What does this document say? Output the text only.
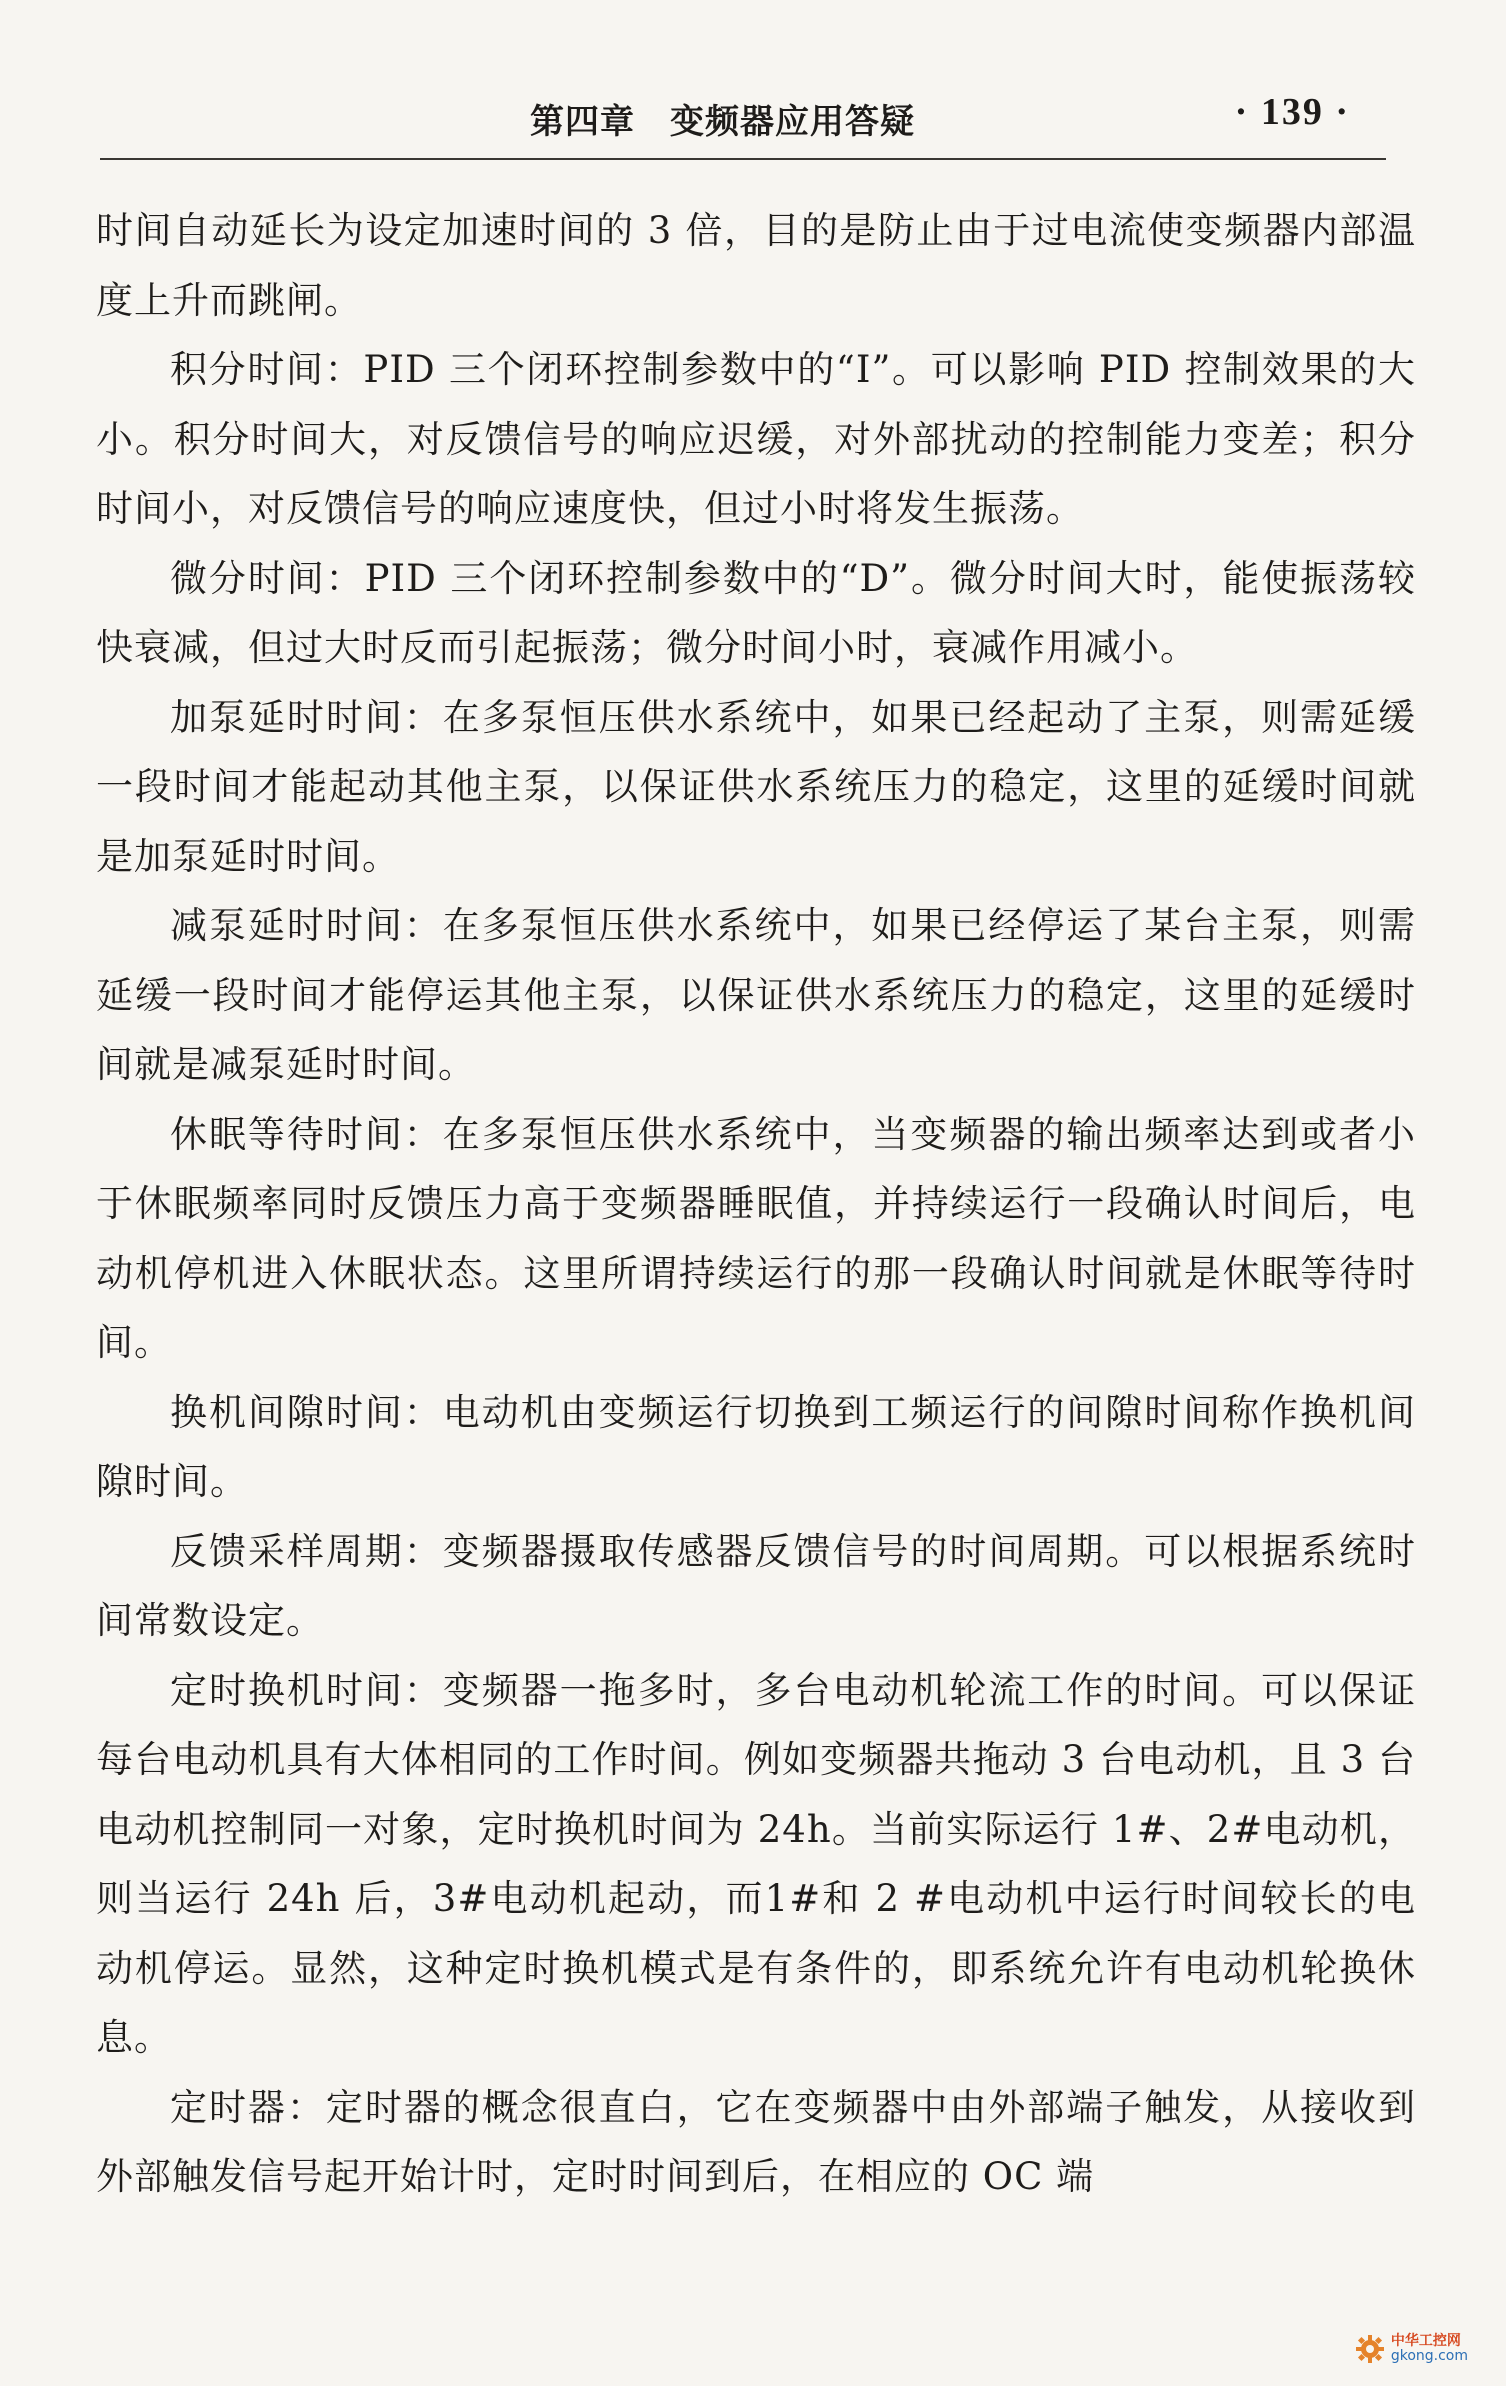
第四章　变频器应用答疑	· 139 ·

时间自动延长为设定加速时间的 3 倍，目的是防止由于过电流使变频器内部温度上升而跳闸。

积分时间：PID 三个闭环控制参数中的“I”。可以影响 PID 控制效果的大小。积分时间大，对反馈信号的响应迟缓，对外部扰动的控制能力变差；积分时间小，对反馈信号的响应速度快，但过小时将发生振荡。

微分时间：PID 三个闭环控制参数中的“D”。微分时间大时，能使振荡较快衰减，但过大时反而引起振荡；微分时间小时，衰减作用减小。

加泵延时时间：在多泵恒压供水系统中，如果已经起动了主泵，则需延缓一段时间才能起动其他主泵，以保证供水系统压力的稳定，这里的延缓时间就是加泵延时时间。

减泵延时时间：在多泵恒压供水系统中，如果已经停运了某台主泵，则需延缓一段时间才能停运其他主泵，以保证供水系统压力的稳定，这里的延缓时间就是减泵延时时间。

休眠等待时间：在多泵恒压供水系统中，当变频器的输出频率达到或者小于休眠频率同时反馈压力高于变频器睡眠值，并持续运行一段确认时间后，电动机停机进入休眠状态。这里所谓持续运行的那一段确认时间就是休眠等待时间。

换机间隙时间：电动机由变频运行切换到工频运行的间隙时间称作换机间隙时间。

反馈采样周期：变频器摄取传感器反馈信号的时间周期。可以根据系统时间常数设定。

定时换机时间：变频器一拖多时，多台电动机轮流工作的时间。可以保证每台电动机具有大体相同的工作时间。例如变频器共拖动 3 台电动机，且 3 台电动机控制同一对象，定时换机时间为 24h。当前实际运行 1#、2#电动机，则当运行 24h 后，3#电动机起动，而1#和 2 #电动机中运行时间较长的电动机停运。显然，这种定时换机模式是有条件的，即系统允许有电动机轮换休息。

定时器：定时器的概念很直白，它在变频器中由外部端子触发，从接收到外部触发信号起开始计时，定时时间到后，在相应的 OC 端

中华工控网
gkong.com
